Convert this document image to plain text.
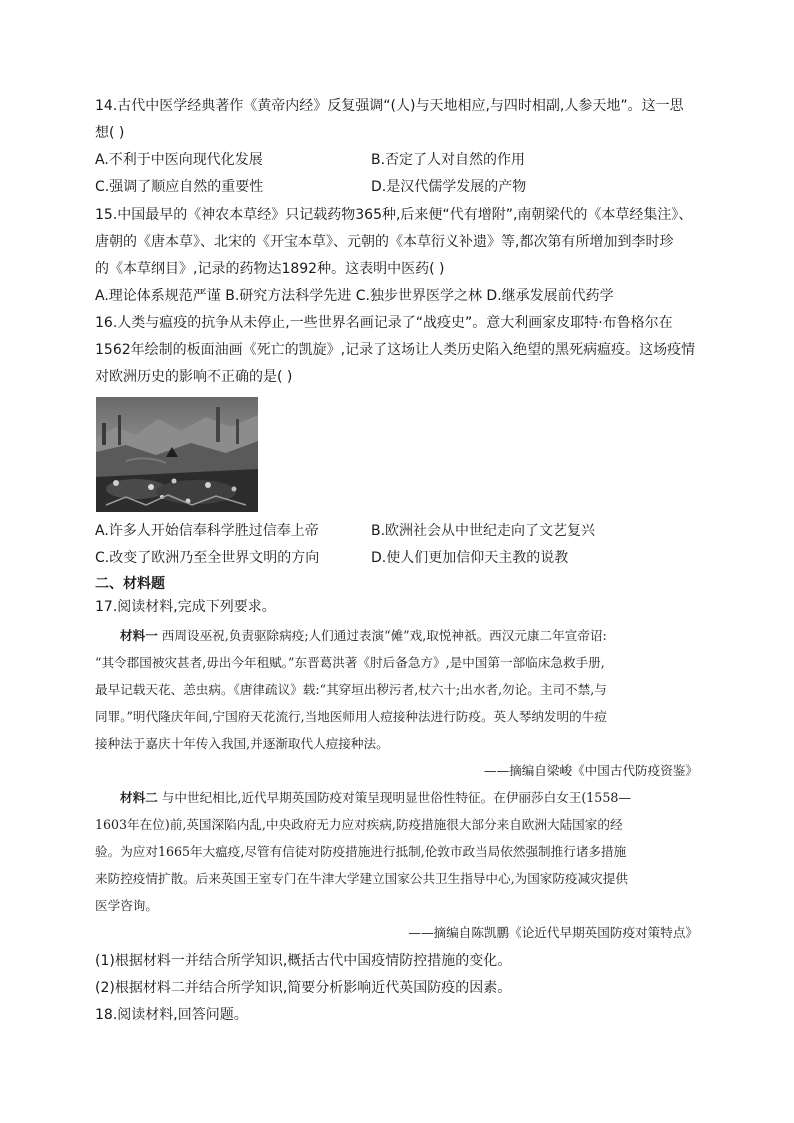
14.古代中医学经典著作《黄帝内经》反复强调“(人)与天地相应,与四时相副,人参天地”。这一思
想( )
A.不利于中医向现代化发展	B.否定了人对自然的作用
C.强调了顺应自然的重要性	D.是汉代儒学发展的产物
15.中国最早的《神农本草经》只记载药物365种,后来便“代有增附”,南朝梁代的《本草经集注》、
唐朝的《唐本草》、北宋的《开宝本草》、元朝的《本草衍义补遗》等,都次第有所增加到李时珍
的《本草纲目》,记录的药物达1892种。这表明中医药( )
A.理论体系规范严谨 B.研究方法科学先进 C.独步世界医学之林 D.继承发展前代药学
16.人类与瘟疫的抗争从未停止,一些世界名画记录了“战疫史”。意大利画家皮耶特·布鲁格尔在
1562年绘制的板面油画《死亡的凯旋》,记录了这场让人类历史陷入绝望的黑死病瘟疫。这场疫情
对欧洲历史的影响不正确的是( )
A.许多人开始信奉科学胜过信奉上帝	B.欧洲社会从中世纪走向了文艺复兴
C.改变了欧洲乃至全世界文明的方向	D.使人们更加信仰天主教的说教
二、材料题
17.阅读材料,完成下列要求。
材料一 西周设巫祝,负责驱除病疫;人们通过表演“傩”戏,取悦神祇。西汉元康二年宣帝诏:
“其令郡国被灾甚者,毋出今年租赋。”东晋葛洪著《肘后备急方》,是中国第一部临床急救手册,
最早记载天花、恙虫病。《唐律疏议》载:“其穿垣出秽污者,杖六十;出水者,勿论。主司不禁,与
同罪。”明代隆庆年间,宁国府天花流行,当地医师用人痘接种法进行防疫。英人琴纳发明的牛痘
接种法于嘉庆十年传入我国,并逐渐取代人痘接种法。
——摘编自梁峻《中国古代防疫资鉴》
材料二 与中世纪相比,近代早期英国防疫对策呈现明显世俗性特征。在伊丽莎白女王(1558—
1603年在位)前,英国深陷内乱,中央政府无力应对疾病,防疫措施很大部分来自欧洲大陆国家的经
验。为应对1665年大瘟疫,尽管有信徒对防疫措施进行抵制,伦敦市政当局依然强制推行诸多措施
来防控疫情扩散。后来英国王室专门在牛津大学建立国家公共卫生指导中心,为国家防疫减灾提供
医学咨询。
——摘编自陈凯鹏《论近代早期英国防疫对策特点》
(1)根据材料一并结合所学知识,概括古代中国疫情防控措施的变化。
(2)根据材料二并结合所学知识,简要分析影响近代英国防疫的因素。
18.阅读材料,回答问题。
